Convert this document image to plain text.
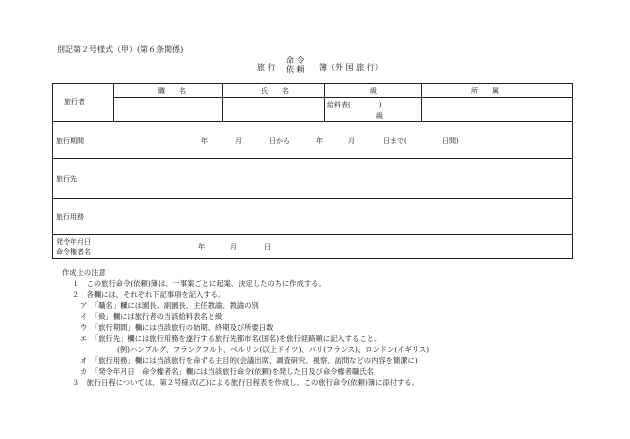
別記第２号様式（甲）(第６条関係)
旅 行
命 令
依 頼 簿（外 国 旅 行）
旅行者
職　　名	氏　　名	級	所　　属
給料表(　　　　)
級
旅行期間	年	月	日から	年	月	日まで(	日間)
旅行先
旅行用務
発令年月日
命令権者名
年	月	日
作成上の注意
１　この旅行命令(依頼)簿は、一事案ごとに起案、決定したのちに作成する。
２　各欄には、それぞれ下記事項を記入する。
ア　「職名」欄には園長、副園長、主任教諭、教諭の別
イ　「級」欄には旅行者の当該給料表名と級
ウ　「旅行期間」欄には当該旅行の始期、終期及び所要日数
エ　「旅行先」欄には旅行用務を遂行する旅行先都市名(国名)を旅行経路順に記入すること。
(例)ハンブルグ、フランクフルト、ベルリン(以上ドイツ)、パリ(フランス)、ロンドン(イギリス)
オ　「旅行用務」欄には当該旅行を命ずる主目的(会議出席、調査研究、視察、訪問などの内容を簡潔に)
カ　「発令年月日　命令権者名」欄には当該旅行命令(依頼)を発した日及び命令権者職氏名
３　旅行日程については、第２号様式(乙)による旅行日程表を作成し、この旅行命令(依頼)簿に添付する。
